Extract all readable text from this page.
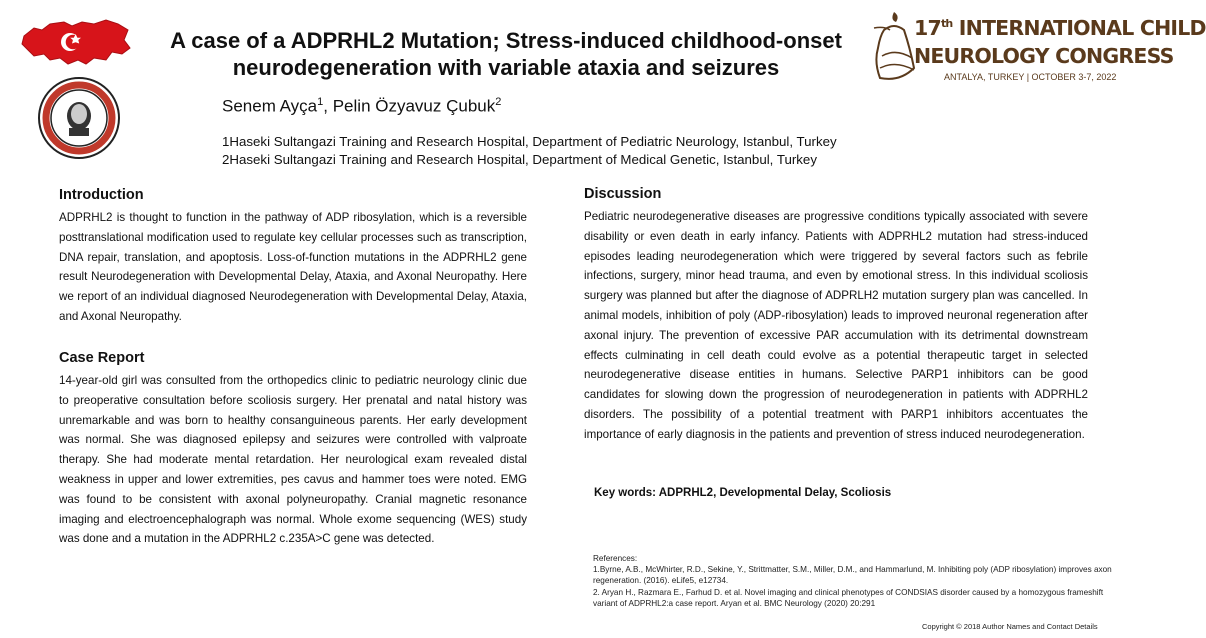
A case of a ADPRHL2 Mutation; Stress-induced childhood-onset neurodegeneration with variable ataxia and seizures
Senem Ayça$^1$, Pelin Özyavuz Çubuk$^2$
1Haseki Sultangazi Training and Research Hospital, Department of Pediatric Neurology, Istanbul, Turkey
2Haseki Sultangazi Training and Research Hospital, Department of Medical Genetic, Istanbul, Turkey
17th INTERNATIONAL CHILD
NEUROLOGY CONGRESS
ANTALYA, TURKEY | OCTOBER 3-7, 2022
Introduction

ADPRHL2 is thought to function in the pathway of ADP ribosylation, which is a reversible posttranslational modification used to regulate key cellular processes such as transcription, DNA repair, translation, and apoptosis. Loss-of-function mutations in the ADPRHL2 gene result Neurodegeneration with Developmental Delay, Ataxia, and Axonal Neuropathy. Here we report of an individual diagnosed Neurodegeneration with Developmental Delay, Ataxia, and Axonal Neuropathy.

Case Report

14-year-old girl was consulted from the orthopedics clinic to pediatric neurology clinic due to preoperative consultation before scoliosis surgery. Her prenatal and natal history was unremarkable and was born to healthy consanguineous parents. Her early development was normal. She was diagnosed epilepsy and seizures were controlled with valproate therapy. She had moderate mental retardation. Her neurological exam revealed distal weakness in upper and lower extremities, pes cavus and hammer toes were noted. EMG was found to be consistent with axonal polyneuropathy. Cranial magnetic resonance imaging and electroencephalograph was normal. Whole exome sequencing (WES) study was done and a mutation in the ADPRHL2 c.235A>C gene was detected.

Discussion

Pediatric neurodegenerative diseases are progressive conditions typically associated with severe disability or even death in early infancy. Patients with ADPRHL2 mutation had stress-induced episodes leading neurodegeneration which were triggered by several factors such as febrile infections, surgery, minor head trauma, and even by emotional stress. In this individual scoliosis surgery was planned but after the diagnose of ADPRLH2 mutation surgery plan was cancelled. In animal models, inhibition of poly (ADP-ribosylation) leads to improved neuronal regeneration after axonal injury. The prevention of excessive PAR accumulation with its detrimental downstream effects culminating in cell death could evolve as a potential therapeutic target in selected neurodegenerative disease entities in humans. Selective PARP1 inhibitors can be good candidates for slowing down the progression of neurodegeneration in patients with ADPRHL2 disorders. The possibility of a potential treatment with PARP1 inhibitors accentuates the importance of early diagnosis in the patients and prevention of stress induced neurodegeneration.

Key words: ADPRHL2, Developmental Delay, Scoliosis
References:
1.Byrne, A.B., McWhirter, R.D., Sekine, Y., Strittmatter, S.M., Miller, D.M., and Hammarlund, M. Inhibiting poly (ADP ribosylation) improves axon regeneration. (2016). eLife5, e12734.
2. Aryan H., Razmara E., Farhud D. et al. Novel imaging and clinical phenotypes of CONDSIAS disorder caused by a homozygous frameshift variant of ADPRHL2:a case report. Aryan et al. BMC Neurology (2020) 20:291
Copyright © 2018 Author Names and Contact Details
